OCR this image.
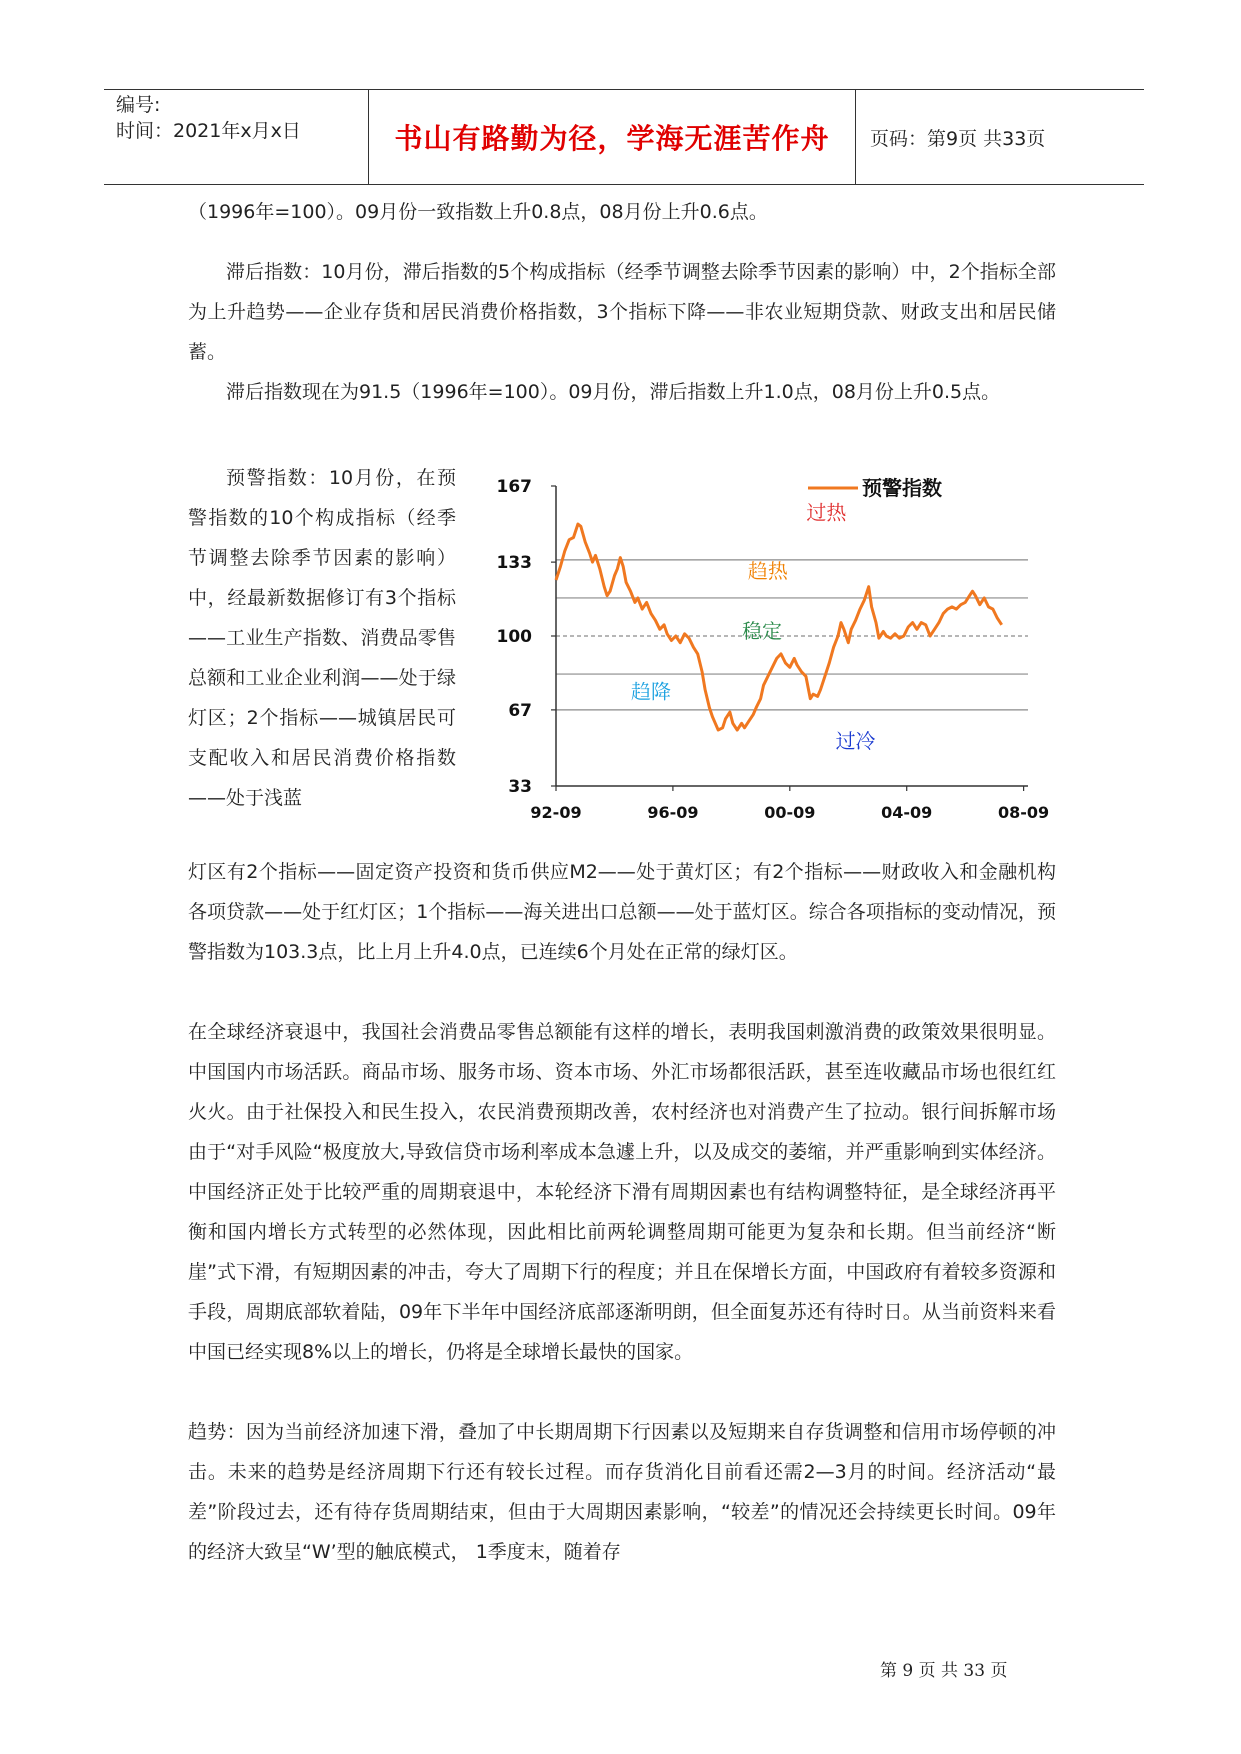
编号:
时间：2021年x月x日	书山有路勤为径，学海无涯苦作舟	页码：第9页 共33页

（1996年=100）。09月份一致指数上升0.8点，08月份上升0.6点。

滞后指数：10月份，滞后指数的5个构成指标（经季节调整去除季节因素的影响）中，2个指标全部为上升趋势——企业存货和居民消费价格指数，3个指标下降——非农业短期贷款、财政支出和居民储蓄。

滞后指数现在为91.5（1996年=100）。09月份，滞后指数上升1.0点，08月份上升0.5点。

预警指数：10月份，在预警指数的10个构成指标（经季节调整去除季节因素的影响）中，经最新数据修订有3个指标——工业生产指数、消费品零售总额和工业企业利润——处于绿灯区；2个指标——城镇居民可支配收入和居民消费价格指数——处于浅蓝	33
67
100
133
167
92-09	96-09	00-09	04-09	08-09
预警指数
过热
趋热
稳定
趋降
过冷

灯区有2个指标——固定资产投资和货币供应M2——处于黄灯区；有2个指标——财政收入和金融机构各项贷款——处于红灯区；1个指标——海关进出口总额——处于蓝灯区。综合各项指标的变动情况，预警指数为103.3点，比上月上升4.0点，已连续6个月处在正常的绿灯区。

在全球经济衰退中，我国社会消费品零售总额能有这样的增长，表明我国刺激消费的政策效果很明显。中国国内市场活跃。商品市场、服务市场、资本市场、外汇市场都很活跃，甚至连收藏品市场也很红红火火。由于社保投入和民生投入，农民消费预期改善，农村经济也对消费产生了拉动。银行间拆解市场由于“对手风险“极度放大,导致信贷市场利率成本急遽上升，以及成交的萎缩，并严重影响到实体经济。中国经济正处于比较严重的周期衰退中，本轮经济下滑有周期因素也有结构调整特征，是全球经济再平衡和国内增长方式转型的必然体现，因此相比前两轮调整周期可能更为复杂和长期。但当前经济“断崖”式下滑，有短期因素的冲击，夸大了周期下行的程度；并且在保增长方面，中国政府有着较多资源和手段，周期底部软着陆，09年下半年中国经济底部逐渐明朗，但全面复苏还有待时日。从当前资料来看中国已经实现8%以上的增长，仍将是全球增长最快的国家。

趋势：因为当前经济加速下滑，叠加了中长期周期下行因素以及短期来自存货调整和信用市场停顿的冲击。未来的趋势是经济周期下行还有较长过程。而存货消化目前看还需2—3月的时间。经济活动“最差”阶段过去，还有待存货周期结束，但由于大周期因素影响，“较差”的情况还会持续更长时间。09年的经济大致呈“W’型的触底模式， 1季度末，随着存

第 9 页 共 33 页
